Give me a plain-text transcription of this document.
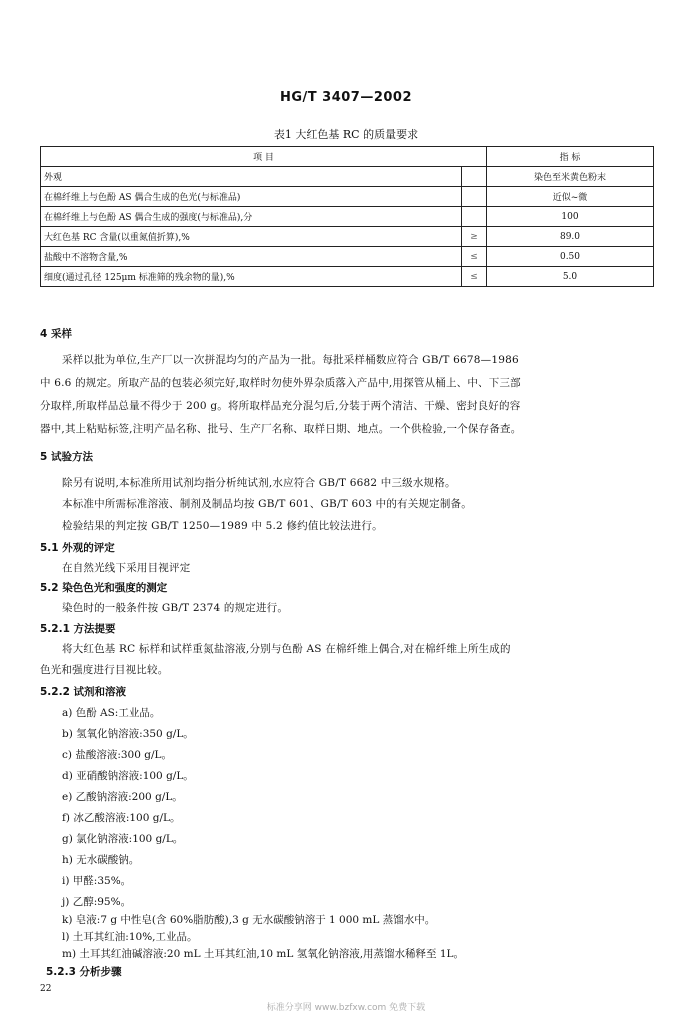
HG/T 3407—2002
表1 大红色基 RC 的质量要求
项 目		指 标
外观		染色至米黄色粉末
在棉纤维上与色酚 AS 偶合生成的色光(与标准品)		近似~微
在棉纤维上与色酚 AS 偶合生成的强度(与标准品),分		100
大红色基 RC 含量(以重氮值折算),%	≥	89.0
盐酸中不溶物含量,%	≤	0.50
细度(通过孔径 125μm 标准筛的残余物的量),%	≤	5.0
4 采样
采样以批为单位,生产厂以一次拼混均匀的产品为一批。每批采样桶数应符合 GB/T 6678—1986
中 6.6 的规定。所取产品的包装必须完好,取样时勿使外界杂质落入产品中,用探管从桶上、中、下三部
分取样,所取样品总量不得少于 200 g。将所取样品充分混匀后,分装于两个清洁、干燥、密封良好的容
器中,其上粘贴标签,注明产品名称、批号、生产厂名称、取样日期、地点。一个供检验,一个保存备查。
5 试验方法
除另有说明,本标准所用试剂均指分析纯试剂,水应符合 GB/T 6682 中三级水规格。
本标准中所需标准溶液、制剂及制品均按 GB/T 601、GB/T 603 中的有关规定制备。
检验结果的判定按 GB/T 1250—1989 中 5.2 修约值比较法进行。
5.1 外观的评定
在自然光线下采用目视评定
5.2 染色色光和强度的测定
染色时的一般条件按 GB/T 2374 的规定进行。
5.2.1 方法提要
将大红色基 RC 标样和试样重氮盐溶液,分别与色酚 AS 在棉纤维上偶合,对在棉纤维上所生成的
色光和强度进行目视比较。
5.2.2 试剂和溶液
a) 色酚 AS:工业品。
b) 氢氧化钠溶液:350 g/L。
c) 盐酸溶液:300 g/L。
d) 亚硝酸钠溶液:100 g/L。
e) 乙酸钠溶液:200 g/L。
f) 冰乙酸溶液:100 g/L。
g) 氯化钠溶液:100 g/L。
h) 无水碳酸钠。
i) 甲醛:35%。
j) 乙醇:95%。
k) 皂液:7 g 中性皂(含 60%脂肪酸),3 g 无水碳酸钠溶于 1 000 mL 蒸馏水中。
l) 土耳其红油:10%,工业品。
m) 土耳其红油碱溶液:20 mL 土耳其红油,10 mL 氢氧化钠溶液,用蒸馏水稀释至 1L。
5.2.3 分析步骤
22
标准分享网 www.bzfxw.com 免费下载
